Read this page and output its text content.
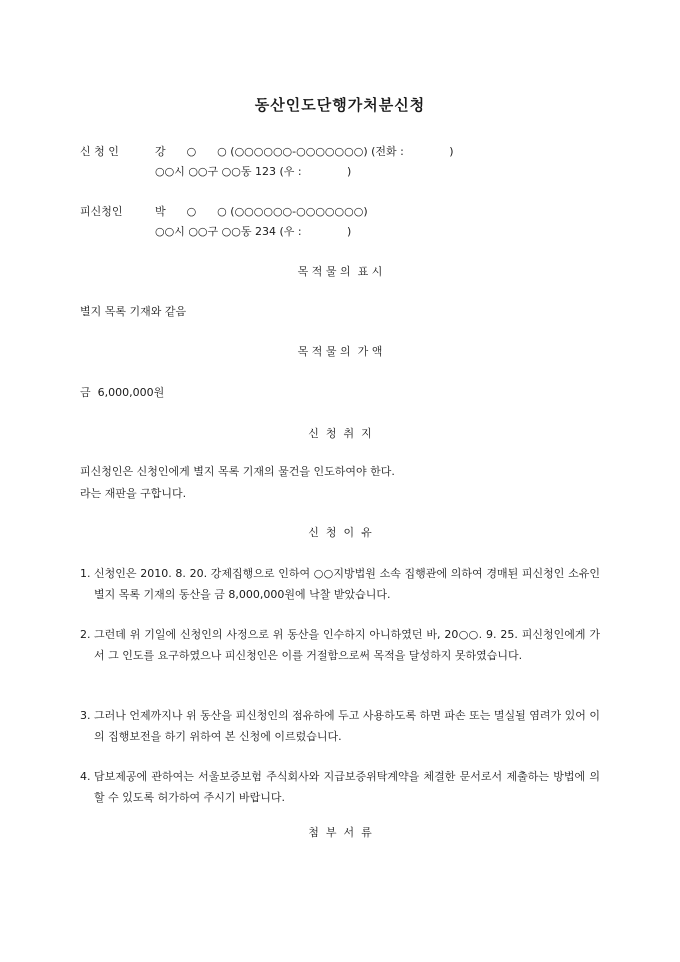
동산인도단행가처분신청
신 청 인	강      ○      ○ (○○○○○○-○○○○○○○) (전화 :             )
○○시 ○○구 ○○동 123 (우 :             )
피신청인	박      ○      ○ (○○○○○○-○○○○○○○)
○○시 ○○구 ○○동 234 (우 :             )
목 적 물 의  표 시
별지 목록 기재와 같음
목 적 물 의  가 액
금  6,000,000원
신  청  취  지
피신청인은 신청인에게 별지 목록 기재의 물건을 인도하여야 한다.
라는 재판을 구합니다.
신  청  이  유
1. 신청인은 2010. 8. 20. 강제집행으로 인하여 ○○지방법원 소속 집행관에 의하여 경매된 피신청인 소유인 별지 목록 기재의 동산을 금 8,000,000원에 낙찰 받았습니다.
2. 그런데 위 기일에 신청인의 사정으로 위 동산을 인수하지 아니하였던 바, 20○○. 9. 25. 피신청인에게 가서 그 인도를 요구하였으나 피신청인은 이를 거절함으로써 목적을 달성하지 못하였습니다.
3. 그러나 언제까지나 위 동산을 피신청인의 점유하에 두고 사용하도록 하면 파손 또는 멸실될 염려가 있어 이의 집행보전을 하기 위하여 본 신청에 이르렀습니다.
4. 담보제공에 관하여는 서울보증보험 주식회사와 지급보증위탁계약을 체결한 문서로서 제출하는 방법에 의할 수 있도록 허가하여 주시기 바랍니다.
첨  부  서  류
